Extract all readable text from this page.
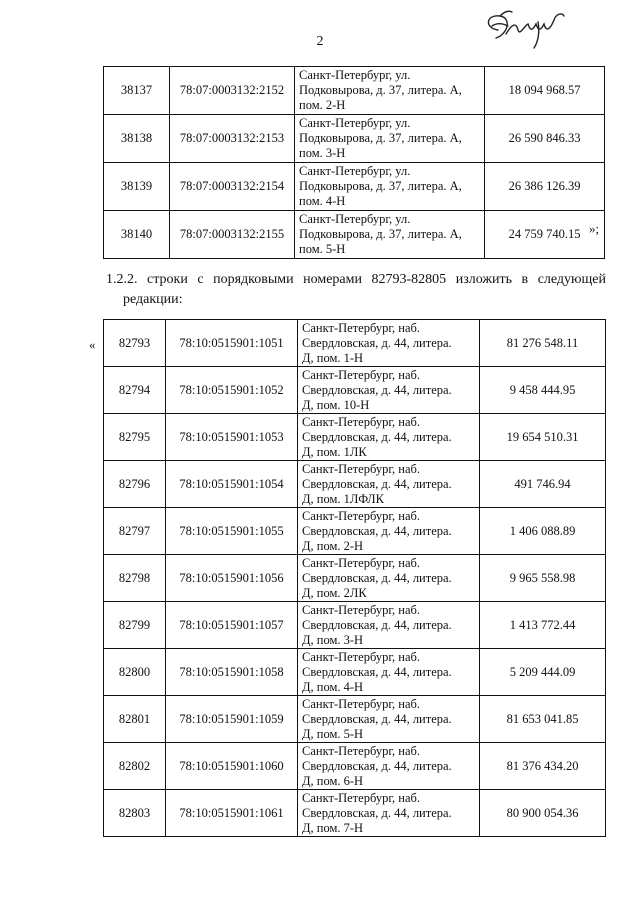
2
38137	78:07:0003132:2152	Санкт-Петербург, ул.
Подковырова, д. 37, литера. А,
пом. 2-Н	18 094 968.57
38138	78:07:0003132:2153	Санкт-Петербург, ул.
Подковырова, д. 37, литера. А,
пом. 3-Н	26 590 846.33
38139	78:07:0003132:2154	Санкт-Петербург, ул.
Подковырова, д. 37, литера. А,
пом. 4-Н	26 386 126.39
38140	78:07:0003132:2155	Санкт-Петербург, ул.
Подковырова, д. 37, литера. А,
пом. 5-Н	24 759 740.15 »;
1.2.2. строки с порядковыми номерами 82793-82805 изложить в следующей
редакции:
« 82793	78:10:0515901:1051	Санкт-Петербург, наб.
Свердловская, д. 44, литера.
Д, пом. 1-Н	81 276 548.11
82794	78:10:0515901:1052	Санкт-Петербург, наб.
Свердловская, д. 44, литера.
Д, пом. 10-Н	9 458 444.95
82795	78:10:0515901:1053	Санкт-Петербург, наб.
Свердловская, д. 44, литера.
Д, пом. 1ЛК	19 654 510.31
82796	78:10:0515901:1054	Санкт-Петербург, наб.
Свердловская, д. 44, литера.
Д, пом. 1ЛФЛК	491 746.94
82797	78:10:0515901:1055	Санкт-Петербург, наб.
Свердловская, д. 44, литера.
Д, пом. 2-Н	1 406 088.89
82798	78:10:0515901:1056	Санкт-Петербург, наб.
Свердловская, д. 44, литера.
Д, пом. 2ЛК	9 965 558.98
82799	78:10:0515901:1057	Санкт-Петербург, наб.
Свердловская, д. 44, литера.
Д, пом. 3-Н	1 413 772.44
82800	78:10:0515901:1058	Санкт-Петербург, наб.
Свердловская, д. 44, литера.
Д, пом. 4-Н	5 209 444.09
82801	78:10:0515901:1059	Санкт-Петербург, наб.
Свердловская, д. 44, литера.
Д, пом. 5-Н	81 653 041.85
82802	78:10:0515901:1060	Санкт-Петербург, наб.
Свердловская, д. 44, литера.
Д, пом. 6-Н	81 376 434.20
82803	78:10:0515901:1061	Санкт-Петербург, наб.
Свердловская, д. 44, литера.
Д, пом. 7-Н	80 900 054.36
